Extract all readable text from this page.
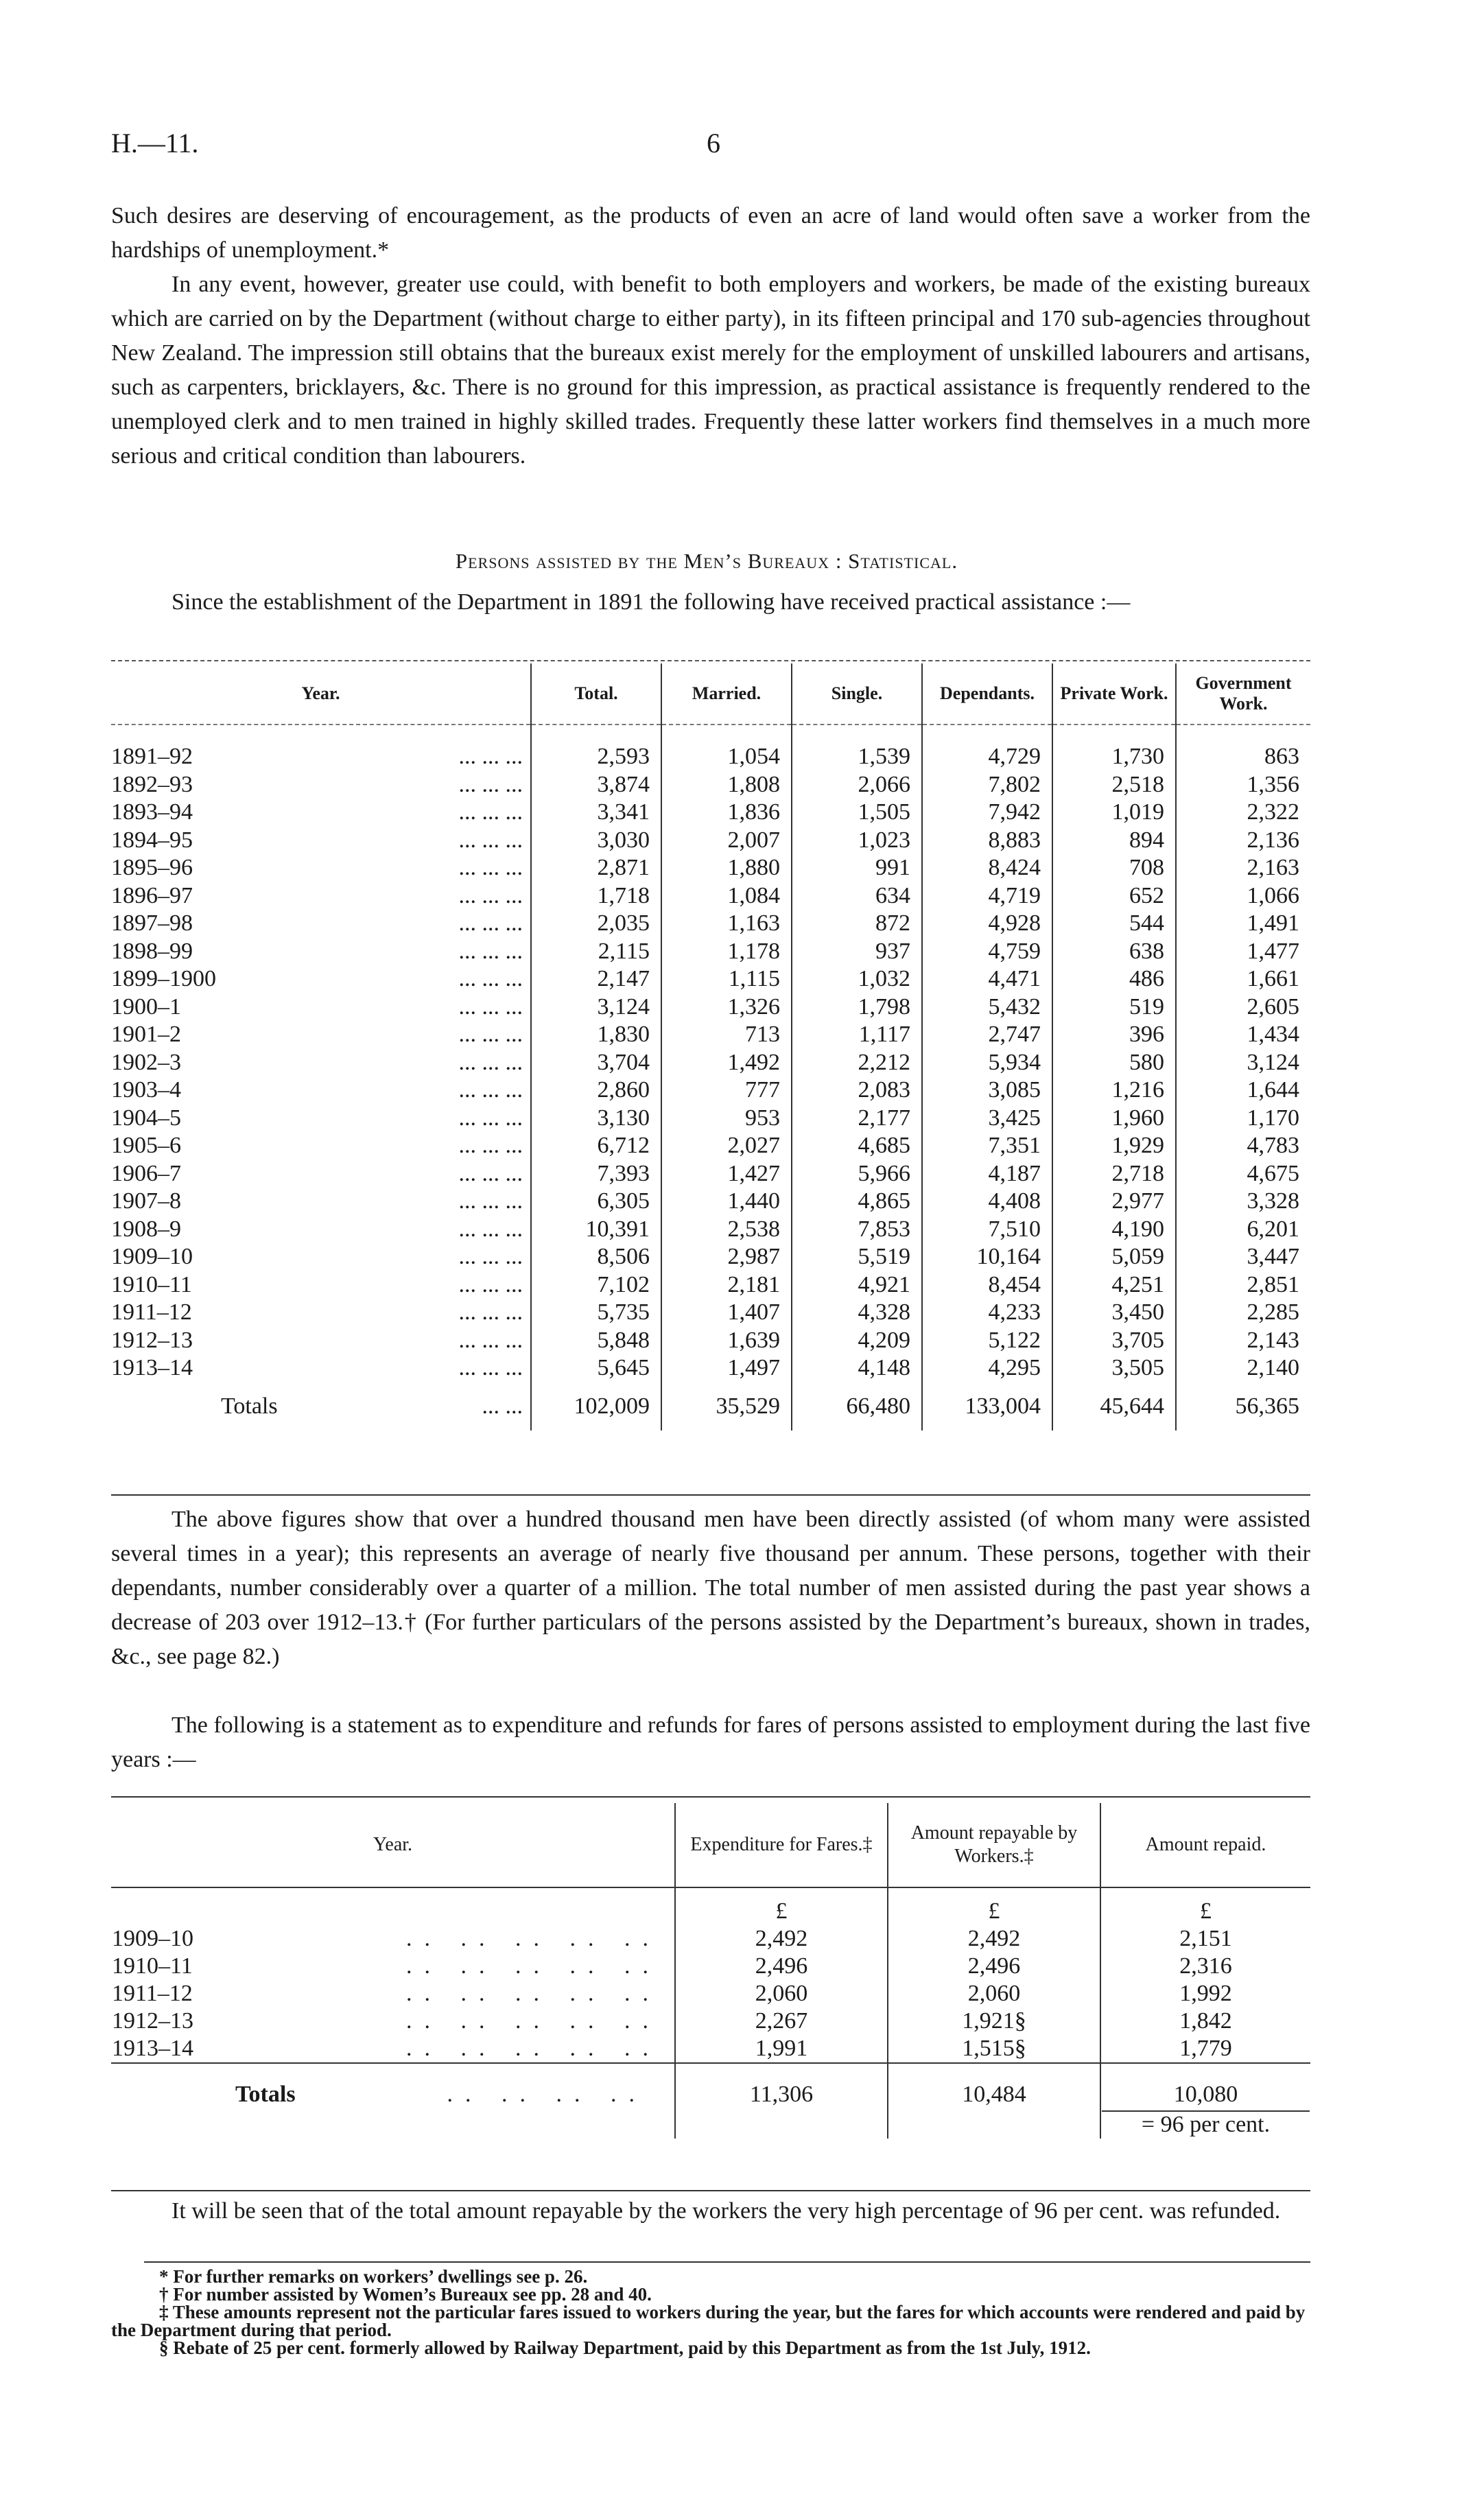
H.—11.	6
Such desires are deserving of encouragement, as the products of even an acre of land would often save a worker from the hardships of unemployment.*
In any event, however, greater use could, with benefit to both employers and workers, be made of the existing bureaux which are carried on by the Department (without charge to either party), in its fifteen principal and 170 sub-agencies throughout New Zealand. The impression still obtains that the bureaux exist merely for the employment of unskilled labourers and artisans, such as carpenters, bricklayers, &c. There is no ground for this impression, as practical assistance is frequently rendered to the unemployed clerk and to men trained in highly skilled trades. Frequently these latter workers find themselves in a much more serious and critical condition than labourers.
Persons assisted by the Men’s Bureaux : Statistical.
Since the establishment of the Department in 1891 the following have received practical assistance :—
Year.	Total.	Married.	Single.	Dependants.	Private Work.	Government Work.
1891–92 ... ... ...	2,593	1,054	1,539	4,729	1,730	863
1892–93 ... ... ...	3,874	1,808	2,066	7,802	2,518	1,356
1893–94 ... ... ...	3,341	1,836	1,505	7,942	1,019	2,322
1894–95 ... ... ...	3,030	2,007	1,023	8,883	894	2,136
1895–96 ... ... ...	2,871	1,880	991	8,424	708	2,163
1896–97 ... ... ...	1,718	1,084	634	4,719	652	1,066
1897–98 ... ... ...	2,035	1,163	872	4,928	544	1,491
1898–99 ... ... ...	2,115	1,178	937	4,759	638	1,477
1899–1900 ... ... ...	2,147	1,115	1,032	4,471	486	1,661
1900–1 ... ... ...	3,124	1,326	1,798	5,432	519	2,605
1901–2 ... ... ...	1,830	713	1,117	2,747	396	1,434
1902–3 ... ... ...	3,704	1,492	2,212	5,934	580	3,124
1903–4 ... ... ...	2,860	777	2,083	3,085	1,216	1,644
1904–5 ... ... ...	3,130	953	2,177	3,425	1,960	1,170
1905–6 ... ... ...	6,712	2,027	4,685	7,351	1,929	4,783
1906–7 ... ... ...	7,393	1,427	5,966	4,187	2,718	4,675
1907–8 ... ... ...	6,305	1,440	4,865	4,408	2,977	3,328
1908–9 ... ... ...	10,391	2,538	7,853	7,510	4,190	6,201
1909–10 ... ... ...	8,506	2,987	5,519	10,164	5,059	3,447
1910–11 ... ... ...	7,102	2,181	4,921	8,454	4,251	2,851
1911–12 ... ... ...	5,735	1,407	4,328	4,233	3,450	2,285
1912–13 ... ... ...	5,848	1,639	4,209	5,122	3,705	2,143
1913–14 ... ... ...	5,645	1,497	4,148	4,295	3,505	2,140
Totals ... ...	102,009	35,529	66,480	133,004	45,644	56,365
The above figures show that over a hundred thousand men have been directly assisted (of whom many were assisted several times in a year); this represents an average of nearly five thousand per annum. These persons, together with their dependants, number considerably over a quarter of a million. The total number of men assisted during the past year shows a decrease of 203 over 1912–13.† (For further particulars of the persons assisted by the Department’s bureaux, shown in trades, &c., see page 82.)
The following is a statement as to expenditure and refunds for fares of persons assisted to employment during the last five years :—
Year.	Expenditure for Fares.‡	Amount repayable by Workers.‡	Amount repaid.
	£	£	£
1909–10 .. .. .. .. ..	2,492	2,492	2,151
1910–11 .. .. .. .. ..	2,496	2,496	2,316
1911–12 .. .. .. .. ..	2,060	2,060	1,992
1912–13 .. .. .. .. ..	2,267	1,921§	1,842
1913–14 .. .. .. .. ..	1,991	1,515§	1,779
Totals .. .. .. ..	11,306	10,484	10,080
= 96 per cent.
It will be seen that of the total amount repayable by the workers the very high percentage of 96 per cent. was refunded.

* For further remarks on workers’ dwellings see p. 26.

† For number assisted by Women’s Bureaux see pp. 28 and 40.

‡ These amounts represent not the particular fares issued to workers during the year, but the fares for which accounts were rendered and paid by the Department during that period.

§ Rebate of 25 per cent. formerly allowed by Railway Department, paid by this Department as from the 1st July, 1912.
